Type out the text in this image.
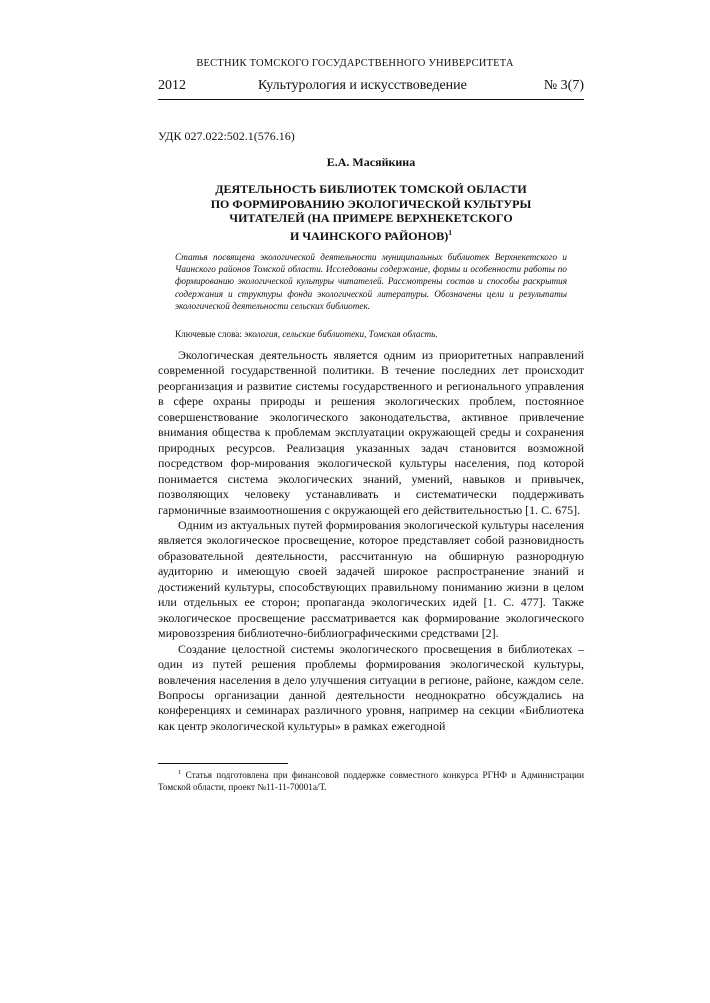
ВЕСТНИК ТОМСКОГО ГОСУДАРСТВЕННОГО УНИВЕРСИТЕТА
2012	Культурология и искусствоведение	№ 3(7)
УДК 027.022:502.1(576.16)
Е.А. Масяйкина
ДЕЯТЕЛЬНОСТЬ БИБЛИОТЕК ТОМСКОЙ ОБЛАСТИ
ПО ФОРМИРОВАНИЮ ЭКОЛОГИЧЕСКОЙ КУЛЬТУРЫ
ЧИТАТЕЛЕЙ (НА ПРИМЕРЕ ВЕРХНЕКЕТСКОГО
И ЧАИНСКОГО РАЙОНОВ)$^1$
Статья посвящена экологической деятельности муниципальных библиотек Верхнекетского и Чаинского районов Томской области. Исследованы содержание, формы и особенности работы по формированию экологической культуры читателей. Рассмотрены состав и способы раскрытия содержания и структуры фонда экологической литературы. Обозначены цели и результаты экологической деятельности сельских библиотек.
Ключевые слова: экология, сельские библиотеки, Томская область.

Экологическая деятельность является одним из приоритетных направлений современной государственной политики. В течение последних лет происходит реорганизация и развитие системы государственного и регионального управления в сфере охраны природы и решения экологических проблем, постоянное совершенствование экологического законодательства, активное привлечение внимания общества к проблемам эксплуатации окружающей среды и сохранения природных ресурсов. Реализация указанных задач становится возможной посредством фор-мирования экологической культуры населения, под которой понимается система экологических знаний, умений, навыков и привычек, позволяющих человеку устанавливать и систематически поддерживать гармоничные взаимоотношения с окружающей его действительностью [1. С. 675].

Одним из актуальных путей формирования экологической культуры населения является экологическое просвещение, которое представляет собой разновидность образовательной деятельности, рассчитанную на обширную разнородную аудиторию и имеющую своей задачей широкое распространение знаний и достижений культуры, способствующих правильному пониманию жизни в целом или отдельных ее сторон; пропаганда экологических идей [1. С. 477]. Также экологическое просвещение рассматривается как формирование экологического мировоззрения библиотечно-библиографическими средствами [2].

Создание целостной системы экологического просвещения в библиотеках – один из путей решения проблемы формирования экологической культуры, вовлечения населения в дело улучшения ситуации в регионе, районе, каждом селе. Вопросы организации данной деятельности неоднократно обсуждались на конференциях и семинарах различного уровня, например на секции «Библиотека как центр экологической культуры» в рамках ежегодной

$^1$ Статья подготовлена при финансовой поддержке совместного конкурса РГНФ и Администрации Томской области, проект №11-11-70001а/Т.
